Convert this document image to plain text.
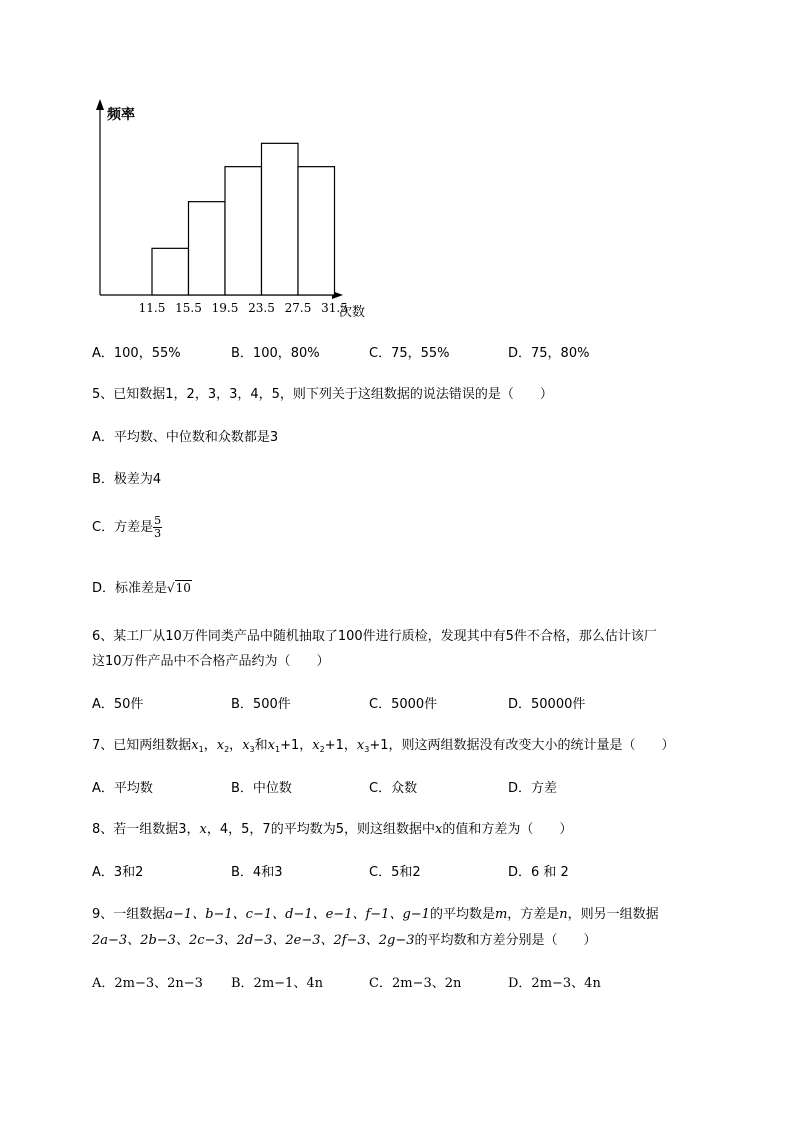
频率
次数
11.5 15.5 19.5 23.5 27.5 31.5
A．100，55%	B．100，80%	C．75，55%	D．75，80%
5、已知数据1，2，3，3，4，5，则下列关于这组数据的说法错误的是（　　）
A．平均数、中位数和众数都是3
B．极差为4
C．方差是 $\frac{5}{3}$
D．标准差是√10
6、某工厂从10万件同类产品中随机抽取了100件进行质检，发现其中有5件不合格，那么估计该厂
这10万件产品中不合格产品约为（　　）
A．50件	B．500件	C．5000件	D．50000件
7、已知两组数据$x_1$，$x_2$，$x_3$和$x_1+1$，$x_2+1$，$x_3+1$，则这两组数据没有改变大小的统计量是（　　）
A．平均数	B．中位数	C．众数	D．方差
8、若一组数据3，x，4，5，7的平均数为5，则这组数据中x的值和方差为（　　）
A．3和2	B．4和3	C．5和2	D．6 和 2
9、一组数据a−1、b−1、c−1、d−1、e−1、f−1、g−1的平均数是m，方差是n，则另一组数据
2a−3、2b−3、2c−3、2d−3、2e−3、2f−3、2g−3的平均数和方差分别是（　　）
A．2m−3、2n−3 B．2m−1、4n	C．2m−3、2n	D．2m−3、4n
